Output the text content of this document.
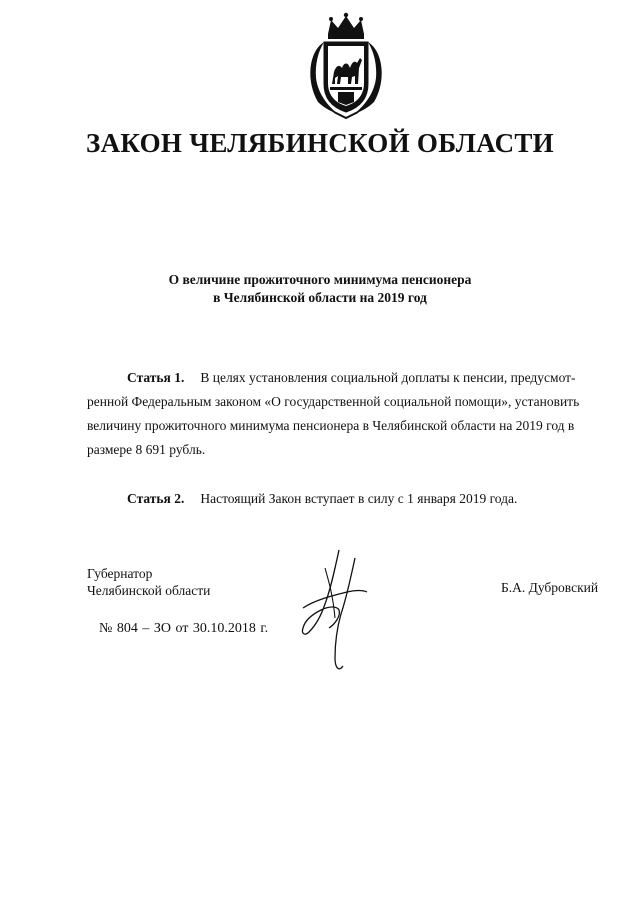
ЗАКОН ЧЕЛЯБИНСКОЙ ОБЛАСТИ
О величине прожиточного минимума пенсионера
в Челябинской области на 2019 год
Статья 1. В целях установления социальной доплаты к пенсии, предусмот-
ренной Федеральным законом «О государственной социальной помощи», установить
величину прожиточного минимума пенсионера в Челябинской области на 2019 год в
размере 8 691 рубль.
Статья 2. Настоящий Закон вступает в силу с 1 января 2019 года.
Губернатор
Челябинской области	Б.А. Дубровский
№ 804 – ЗО от 30.10.2018 г.
